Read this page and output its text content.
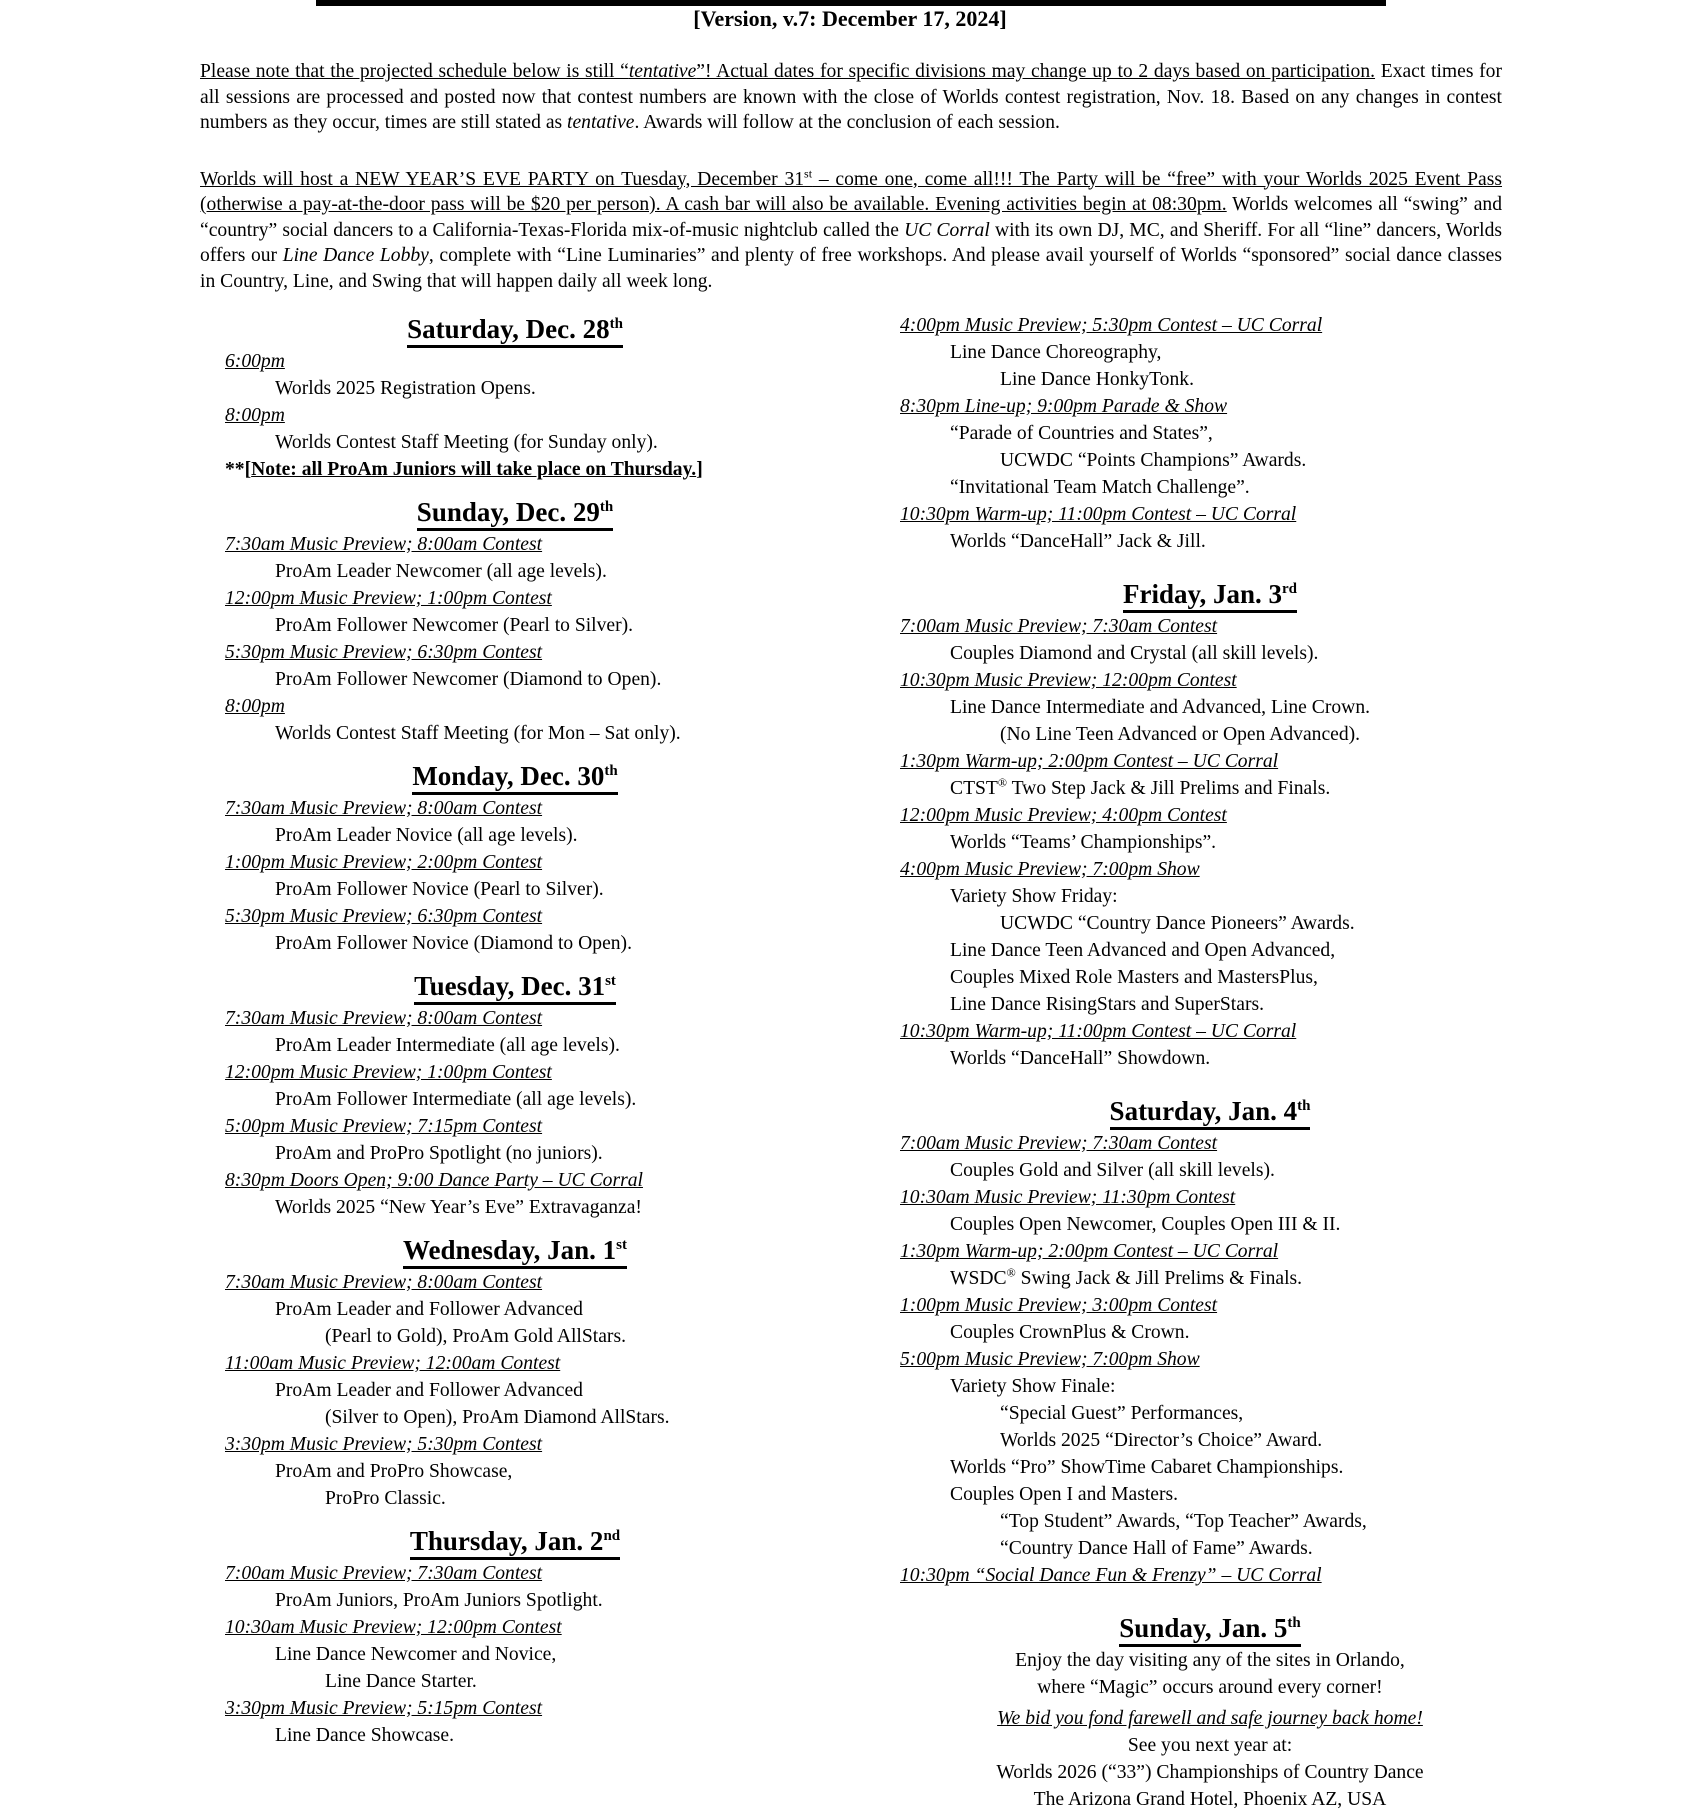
[Version, v.7: December 17, 2024]

Please note that the projected schedule below is still “tentative”! Actual dates for specific divisions may change up to 2 days based on participation. Exact times for all sessions are processed and posted now that contest numbers are known with the close of Worlds contest registration, Nov. 18. Based on any changes in contest numbers as they occur, times are still stated as tentative. Awards will follow at the conclusion of each session.

Worlds will host a NEW YEAR’S EVE PARTY on Tuesday, December 31st – come one, come all!!! The Party will be “free” with your Worlds 2025 Event Pass (otherwise a pay-at-the-door pass will be $20 per person). A cash bar will also be available. Evening activities begin at 08:30pm. Worlds welcomes all “swing” and “country” social dancers to a California-Texas-Florida mix-of-music nightclub called the UC Corral with its own DJ, MC, and Sheriff. For all “line” dancers, Worlds offers our Line Dance Lobby, complete with “Line Luminaries” and plenty of free workshops. And please avail yourself of Worlds “sponsored” social dance classes in Country, Line, and Swing that will happen daily all week long.

Saturday, Dec. 28th
6:00pm
Worlds 2025 Registration Opens.
8:00pm
Worlds Contest Staff Meeting (for Sunday only).
**[Note: all ProAm Juniors will take place on Thursday.]
Sunday, Dec. 29th
7:30am Music Preview; 8:00am Contest
ProAm Leader Newcomer (all age levels).
12:00pm Music Preview; 1:00pm Contest
ProAm Follower Newcomer (Pearl to Silver).
5:30pm Music Preview; 6:30pm Contest
ProAm Follower Newcomer (Diamond to Open).
8:00pm
Worlds Contest Staff Meeting (for Mon – Sat only).
Monday, Dec. 30th
7:30am Music Preview; 8:00am Contest
ProAm Leader Novice (all age levels).
1:00pm Music Preview; 2:00pm Contest
ProAm Follower Novice (Pearl to Silver).
5:30pm Music Preview; 6:30pm Contest
ProAm Follower Novice (Diamond to Open).
Tuesday, Dec. 31st
7:30am Music Preview; 8:00am Contest
ProAm Leader Intermediate (all age levels).
12:00pm Music Preview; 1:00pm Contest
ProAm Follower Intermediate (all age levels).
5:00pm Music Preview; 7:15pm Contest
ProAm and ProPro Spotlight (no juniors).
8:30pm Doors Open; 9:00 Dance Party – UC Corral
Worlds 2025 “New Year’s Eve” Extravaganza!
Wednesday, Jan. 1st
7:30am Music Preview; 8:00am Contest
ProAm Leader and Follower Advanced
(Pearl to Gold), ProAm Gold AllStars.
11:00am Music Preview; 12:00am Contest
ProAm Leader and Follower Advanced
(Silver to Open), ProAm Diamond AllStars.
3:30pm Music Preview; 5:30pm Contest
ProAm and ProPro Showcase,
ProPro Classic.
Thursday, Jan. 2nd
7:00am Music Preview; 7:30am Contest
ProAm Juniors, ProAm Juniors Spotlight.
10:30am Music Preview; 12:00pm Contest
Line Dance Newcomer and Novice,
Line Dance Starter.
3:30pm Music Preview; 5:15pm Contest
Line Dance Showcase.
4:00pm Music Preview; 5:30pm Contest – UC Corral
Line Dance Choreography,
Line Dance HonkyTonk.
8:30pm Line-up; 9:00pm Parade & Show
“Parade of Countries and States”,
UCWDC “Points Champions” Awards.
“Invitational Team Match Challenge”.
10:30pm Warm-up; 11:00pm Contest – UC Corral
Worlds “DanceHall” Jack & Jill.
Friday, Jan. 3rd
7:00am Music Preview; 7:30am Contest
Couples Diamond and Crystal (all skill levels).
10:30pm Music Preview; 12:00pm Contest
Line Dance Intermediate and Advanced, Line Crown.
(No Line Teen Advanced or Open Advanced).
1:30pm Warm-up; 2:00pm Contest – UC Corral
CTST® Two Step Jack & Jill Prelims and Finals.
12:00pm Music Preview; 4:00pm Contest
Worlds “Teams’ Championships”.
4:00pm Music Preview; 7:00pm Show
Variety Show Friday:
UCWDC “Country Dance Pioneers” Awards.
Line Dance Teen Advanced and Open Advanced,
Couples Mixed Role Masters and MastersPlus,
Line Dance RisingStars and SuperStars.
10:30pm Warm-up; 11:00pm Contest – UC Corral
Worlds “DanceHall” Showdown.
Saturday, Jan. 4th
7:00am Music Preview; 7:30am Contest
Couples Gold and Silver (all skill levels).
10:30am Music Preview; 11:30pm Contest
Couples Open Newcomer, Couples Open III & II.
1:30pm Warm-up; 2:00pm Contest – UC Corral
WSDC® Swing Jack & Jill Prelims & Finals.
1:00pm Music Preview; 3:00pm Contest
Couples CrownPlus & Crown.
5:00pm Music Preview; 7:00pm Show
Variety Show Finale:
“Special Guest” Performances,
Worlds 2025 “Director’s Choice” Award.
Worlds “Pro” ShowTime Cabaret Championships.
Couples Open I and Masters.
“Top Student” Awards, “Top Teacher” Awards,
“Country Dance Hall of Fame” Awards.
10:30pm “Social Dance Fun & Frenzy” – UC Corral
Sunday, Jan. 5th
Enjoy the day visiting any of the sites in Orlando,
where “Magic” occurs around every corner!
We bid you fond farewell and safe journey back home!
See you next year at:
Worlds 2026 (“33”) Championships of Country Dance
The Arizona Grand Hotel, Phoenix AZ, USA
